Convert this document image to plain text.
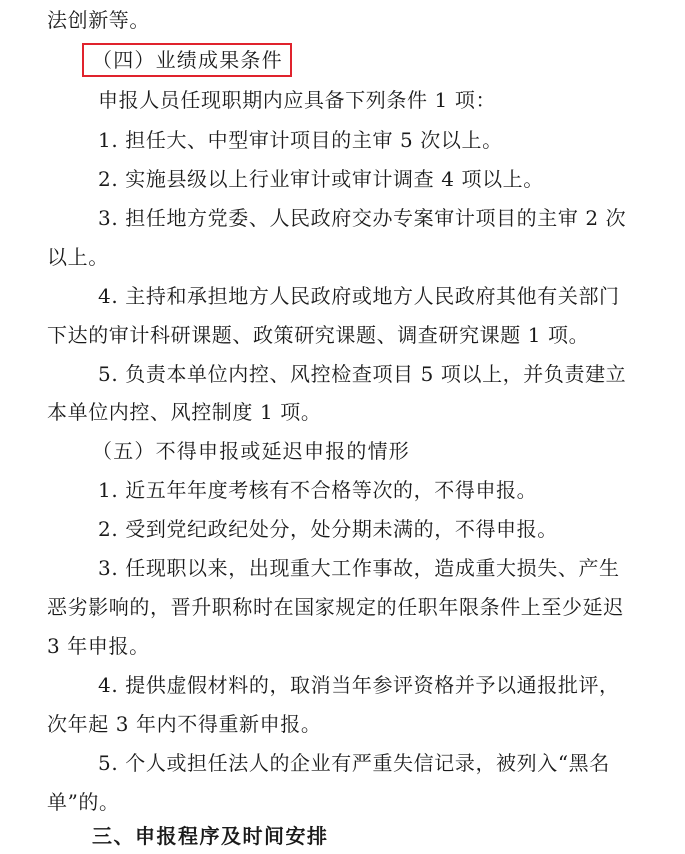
法创新等。
（四）业绩成果条件
申报人员任现职期内应具备下列条件 1 项：
1. 担任大、中型审计项目的主审 5 次以上。
2. 实施县级以上行业审计或审计调查 4 项以上。
3. 担任地方党委、人民政府交办专案审计项目的主审 2 次
以上。
4. 主持和承担地方人民政府或地方人民政府其他有关部门
下达的审计科研课题、政策研究课题、调查研究课题 1 项。
5. 负责本单位内控、风控检查项目 5 项以上，并负责建立
本单位内控、风控制度 1 项。
（五）不得申报或延迟申报的情形
1. 近五年年度考核有不合格等次的，不得申报。
2. 受到党纪政纪处分，处分期未满的，不得申报。
3. 任现职以来，出现重大工作事故，造成重大损失、产生
恶劣影响的，晋升职称时在国家规定的任职年限条件上至少延迟
3 年申报。
4. 提供虚假材料的，取消当年参评资格并予以通报批评，
次年起 3 年内不得重新申报。
5. 个人或担任法人的企业有严重失信记录，被列入“黑名
单”的。
三、申报程序及时间安排
